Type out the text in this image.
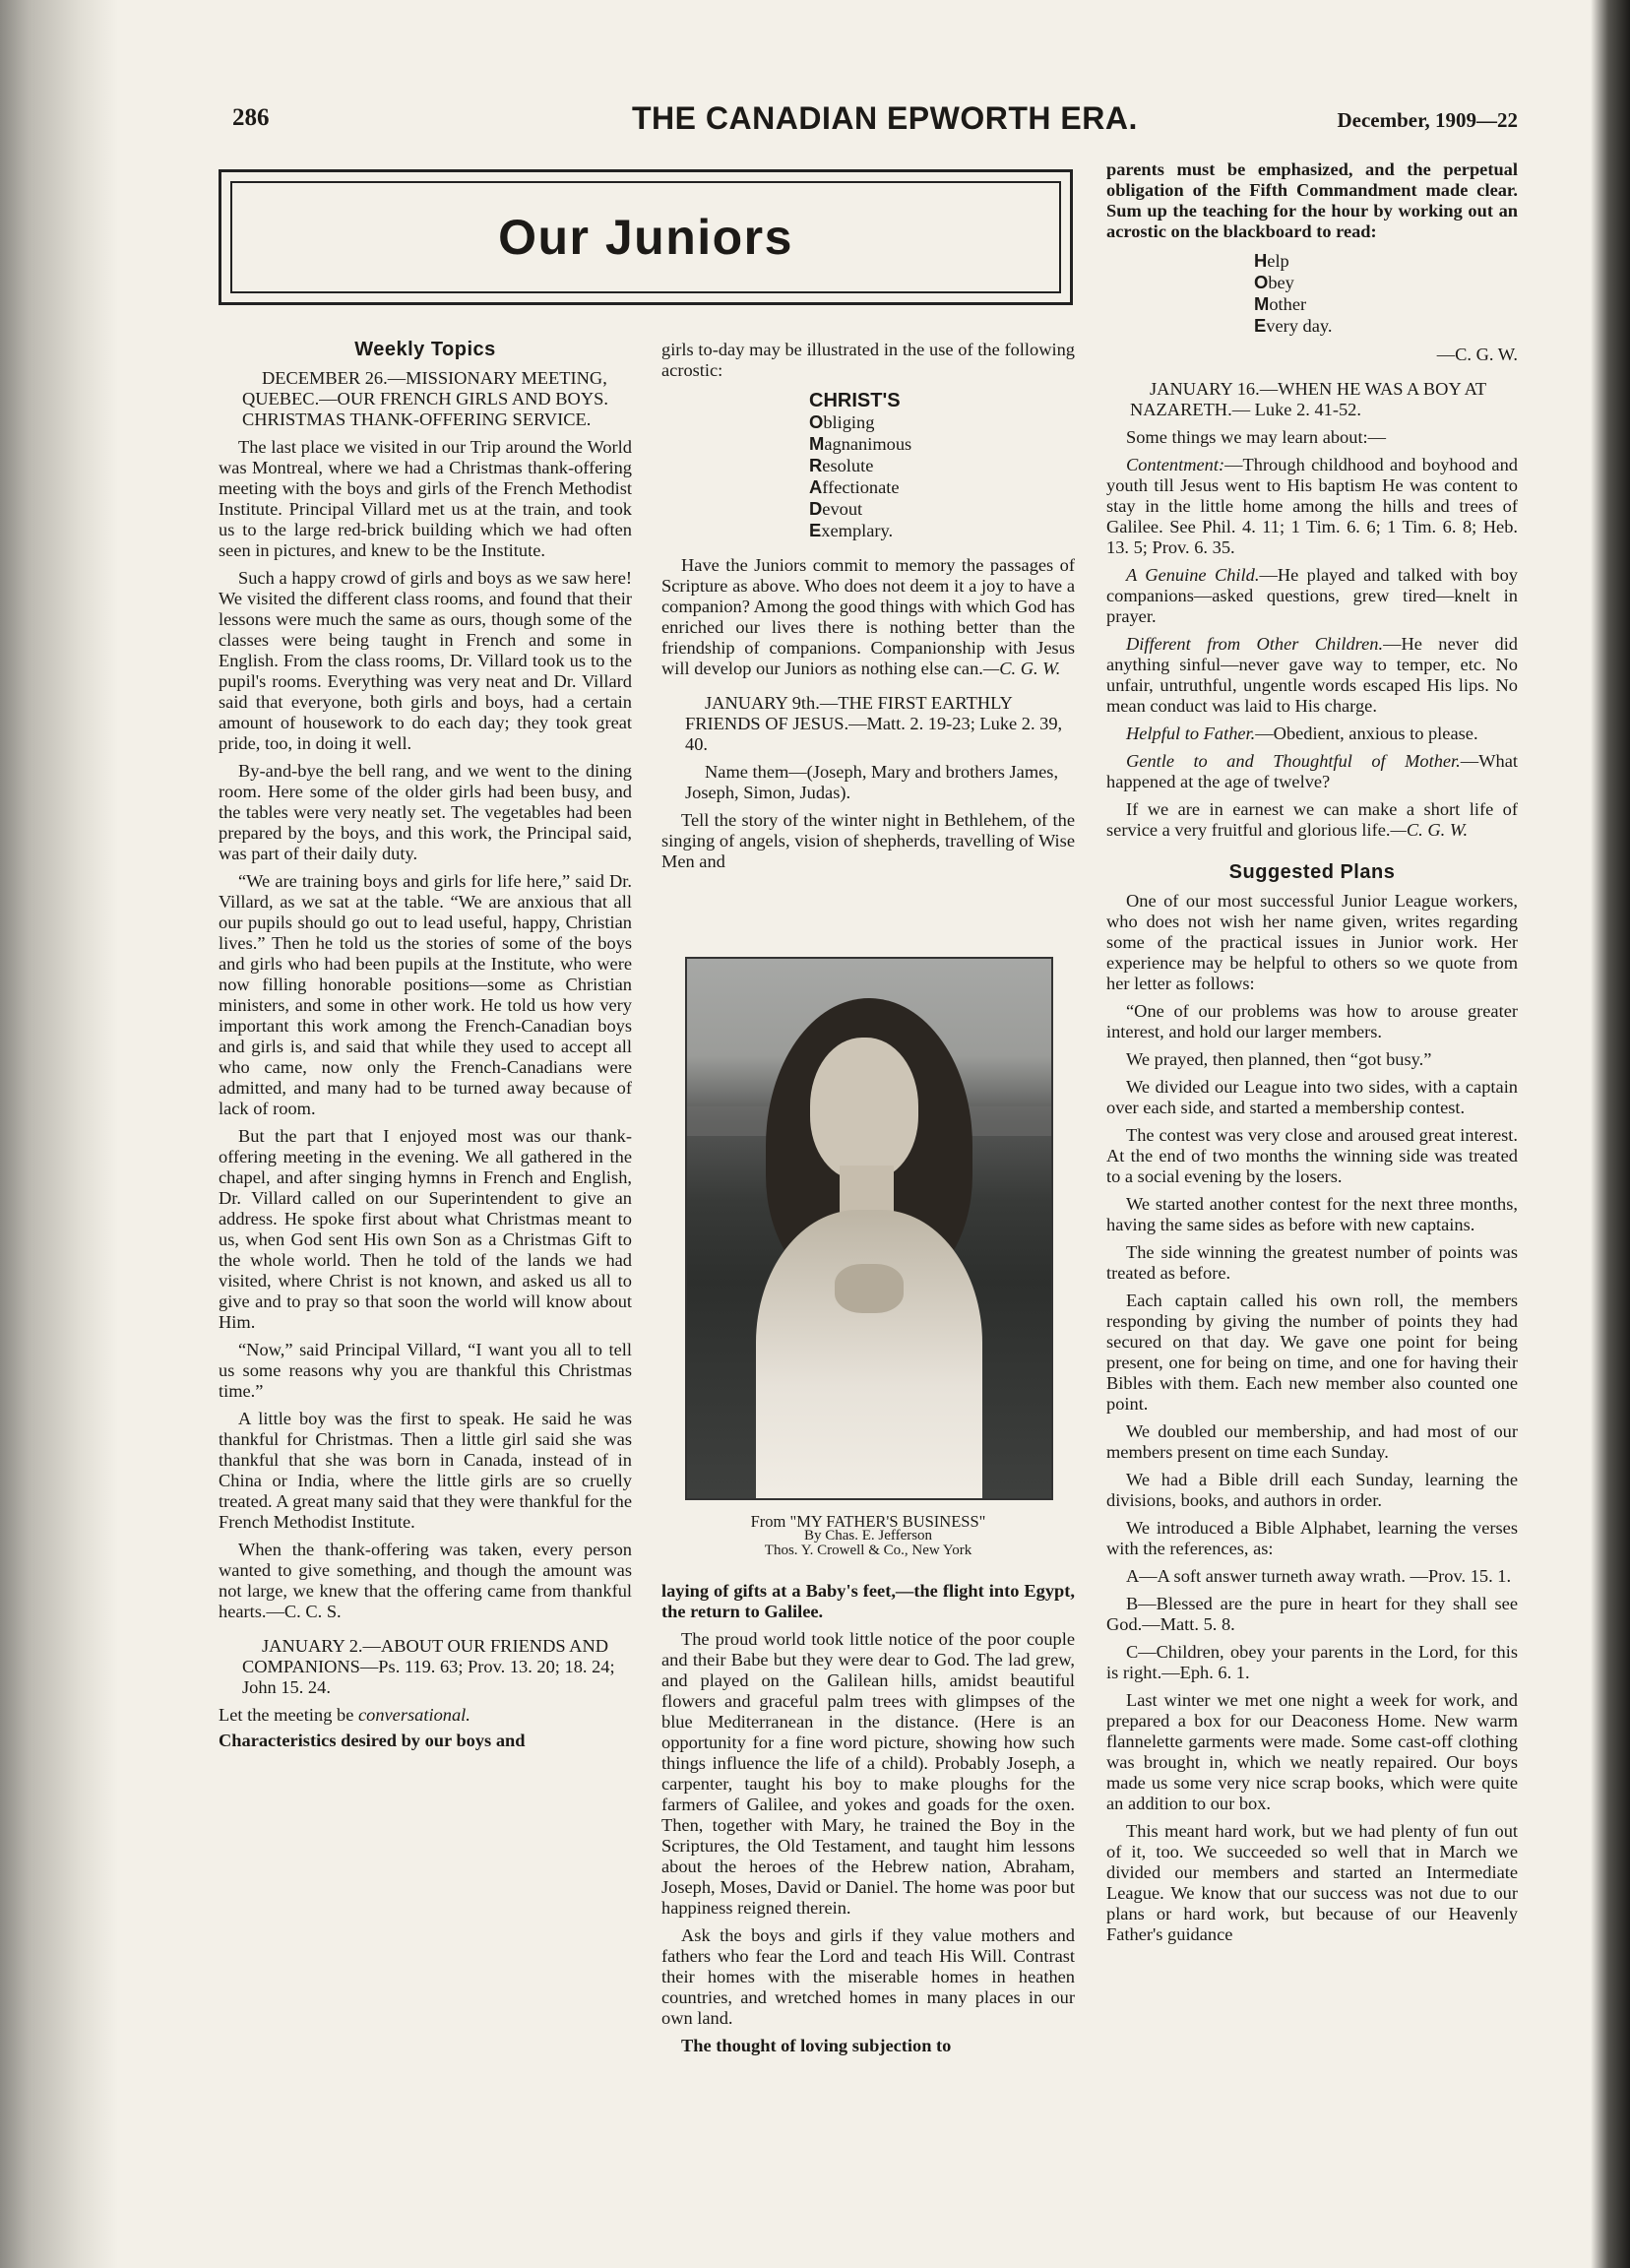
286	THE CANADIAN EPWORTH ERA.	December, 1909—22
Our Juniors
Weekly Topics

DECEMBER 26.—MISSIONARY MEETING, QUEBEC.—OUR FRENCH GIRLS AND BOYS. CHRISTMAS THANK-OFFERING SERVICE.

The last place we visited in our Trip around the World was Montreal, where we had a Christmas thank-offering meeting with the boys and girls of the French Methodist Institute. Principal Villard met us at the train, and took us to the large red-brick building which we had often seen in pictures, and knew to be the Institute.

Such a happy crowd of girls and boys as we saw here! We visited the different class rooms, and found that their lessons were much the same as ours, though some of the classes were being taught in French and some in English. From the class rooms, Dr. Villard took us to the pupil's rooms. Everything was very neat and Dr. Villard said that everyone, both girls and boys, had a certain amount of housework to do each day; they took great pride, too, in doing it well.

By-and-bye the bell rang, and we went to the dining room. Here some of the older girls had been busy, and the tables were very neatly set. The vegetables had been prepared by the boys, and this work, the Principal said, was part of their daily duty.

“We are training boys and girls for life here,” said Dr. Villard, as we sat at the table. “We are anxious that all our pupils should go out to lead useful, happy, Christian lives.” Then he told us the stories of some of the boys and girls who had been pupils at the Institute, who were now filling honorable positions—some as Christian ministers, and some in other work. He told us how very important this work among the French-Canadian boys and girls is, and said that while they used to accept all who came, now only the French-Canadians were admitted, and many had to be turned away because of lack of room.

But the part that I enjoyed most was our thank-offering meeting in the evening. We all gathered in the chapel, and after singing hymns in French and English, Dr. Villard called on our Superintendent to give an address. He spoke first about what Christmas meant to us, when God sent His own Son as a Christmas Gift to the whole world. Then he told of the lands we had visited, where Christ is not known, and asked us all to give and to pray so that soon the world will know about Him.

“Now,” said Principal Villard, “I want you all to tell us some reasons why you are thankful this Christmas time.”

A little boy was the first to speak. He said he was thankful for Christmas. Then a little girl said she was thankful that she was born in Canada, instead of in China or India, where the little girls are so cruelly treated. A great many said that they were thankful for the French Methodist Institute.

When the thank-offering was taken, every person wanted to give something, and though the amount was not large, we knew that the offering came from thankful hearts.—C. C. S.

JANUARY 2.—ABOUT OUR FRIENDS AND COMPANIONS—Ps. 119. 63; Prov. 13. 20; 18. 24; John 15. 24.

Let the meeting be conversational.

Characteristics desired by our boys and

girls to-day may be illustrated in the use of the following acrostic:

CHRIST'S
Obliging
Magnanimous
Resolute
Affectionate
Devout
Exemplary.

Have the Juniors commit to memory the passages of Scripture as above. Who does not deem it a joy to have a companion? Among the good things with which God has enriched our lives there is nothing better than the friendship of companions. Companionship with Jesus will develop our Juniors as nothing else can.—C. G. W.

JANUARY 9th.—THE FIRST EARTHLY FRIENDS OF JESUS.—Matt. 2. 19-23; Luke 2. 39, 40.

Name them—(Joseph, Mary and brothers James, Joseph, Simon, Judas).

Tell the story of the winter night in Bethlehem, of the singing of angels, vision of shepherds, travelling of Wise Men and

From "MY FATHER'S BUSINESS"
By Chas. E. Jefferson
Thos. Y. Crowell & Co., New York

laying of gifts at a Baby's feet,—the flight into Egypt, the return to Galilee.

The proud world took little notice of the poor couple and their Babe but they were dear to God. The lad grew, and played on the Galilean hills, amidst beautiful flowers and graceful palm trees with glimpses of the blue Mediterranean in the distance. (Here is an opportunity for a fine word picture, showing how such things influence the life of a child). Probably Joseph, a carpenter, taught his boy to make ploughs for the farmers of Galilee, and yokes and goads for the oxen. Then, together with Mary, he trained the Boy in the Scriptures, the Old Testament, and taught him lessons about the heroes of the Hebrew nation, Abraham, Joseph, Moses, David or Daniel. The home was poor but happiness reigned therein.

Ask the boys and girls if they value mothers and fathers who fear the Lord and teach His Will. Contrast their homes with the miserable homes in heathen countries, and wretched homes in many places in our own land.

The thought of loving subjection to

parents must be emphasized, and the perpetual obligation of the Fifth Commandment made clear. Sum up the teaching for the hour by working out an acrostic on the blackboard to read:

Help
Obey
Mother
Every day.
—C. G. W.

JANUARY 16.—WHEN HE WAS A BOY AT NAZARETH.— Luke 2. 41-52.

Some things we may learn about:—

Contentment:—Through childhood and boyhood and youth till Jesus went to His baptism He was content to stay in the little home among the hills and trees of Galilee. See Phil. 4. 11; 1 Tim. 6. 6; 1 Tim. 6. 8; Heb. 13. 5; Prov. 6. 35.

A Genuine Child.—He played and talked with boy companions—asked questions, grew tired—knelt in prayer.

Different from Other Children.—He never did anything sinful—never gave way to temper, etc. No unfair, untruthful, ungentle words escaped His lips. No mean conduct was laid to His charge.

Helpful to Father.—Obedient, anxious to please.

Gentle to and Thoughtful of Mother.—What happened at the age of twelve?

If we are in earnest we can make a short life of service a very fruitful and glorious life.—C. G. W.

Suggested Plans

One of our most successful Junior League workers, who does not wish her name given, writes regarding some of the practical issues in Junior work. Her experience may be helpful to others so we quote from her letter as follows:

“One of our problems was how to arouse greater interest, and hold our larger members.

We prayed, then planned, then “got busy.”

We divided our League into two sides, with a captain over each side, and started a membership contest.

The contest was very close and aroused great interest. At the end of two months the winning side was treated to a social evening by the losers.

We started another contest for the next three months, having the same sides as before with new captains.

The side winning the greatest number of points was treated as before.

Each captain called his own roll, the members responding by giving the number of points they had secured on that day. We gave one point for being present, one for being on time, and one for having their Bibles with them. Each new member also counted one point.

We doubled our membership, and had most of our members present on time each Sunday.

We had a Bible drill each Sunday, learning the divisions, books, and authors in order.

We introduced a Bible Alphabet, learning the verses with the references, as:

A—A soft answer turneth away wrath. —Prov. 15. 1.

B—Blessed are the pure in heart for they shall see God.—Matt. 5. 8.

C—Children, obey your parents in the Lord, for this is right.—Eph. 6. 1.

Last winter we met one night a week for work, and prepared a box for our Deaconess Home. New warm flannelette garments were made. Some cast-off clothing was brought in, which we neatly repaired. Our boys made us some very nice scrap books, which were quite an addition to our box.

This meant hard work, but we had plenty of fun out of it, too. We succeeded so well that in March we divided our members and started an Intermediate League. We know that our success was not due to our plans or hard work, but because of our Heavenly Father's guidance
